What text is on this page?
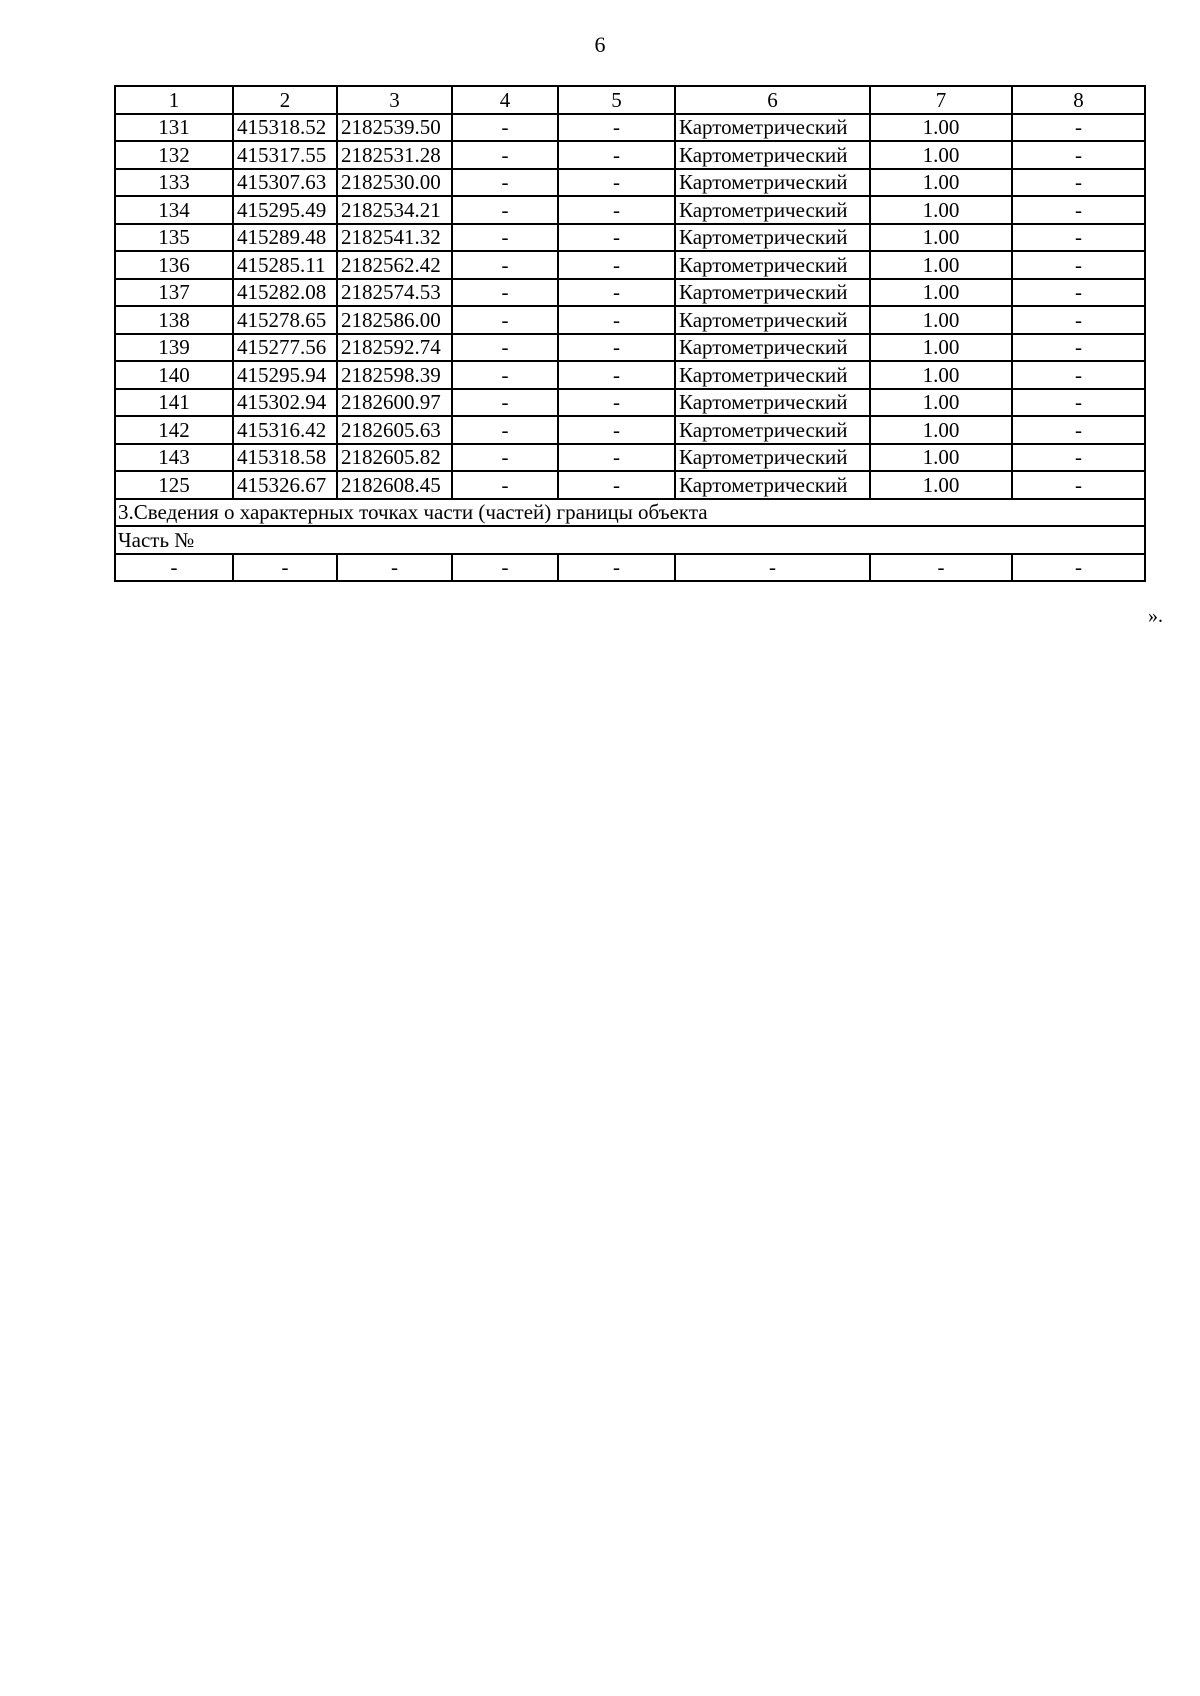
6
1	2	3	4	5	6	7	8
131	415318.52	2182539.50	-	-	Картометрический	1.00	-
132	415317.55	2182531.28	-	-	Картометрический	1.00	-
133	415307.63	2182530.00	-	-	Картометрический	1.00	-
134	415295.49	2182534.21	-	-	Картометрический	1.00	-
135	415289.48	2182541.32	-	-	Картометрический	1.00	-
136	415285.11	2182562.42	-	-	Картометрический	1.00	-
137	415282.08	2182574.53	-	-	Картометрический	1.00	-
138	415278.65	2182586.00	-	-	Картометрический	1.00	-
139	415277.56	2182592.74	-	-	Картометрический	1.00	-
140	415295.94	2182598.39	-	-	Картометрический	1.00	-
141	415302.94	2182600.97	-	-	Картометрический	1.00	-
142	415316.42	2182605.63	-	-	Картометрический	1.00	-
143	415318.58	2182605.82	-	-	Картометрический	1.00	-
125	415326.67	2182608.45	-	-	Картометрический	1.00	-
3.Сведения о характерных точках части (частей) границы объекта							
Часть №							
-	-	-	-	-	-	-	-
».
